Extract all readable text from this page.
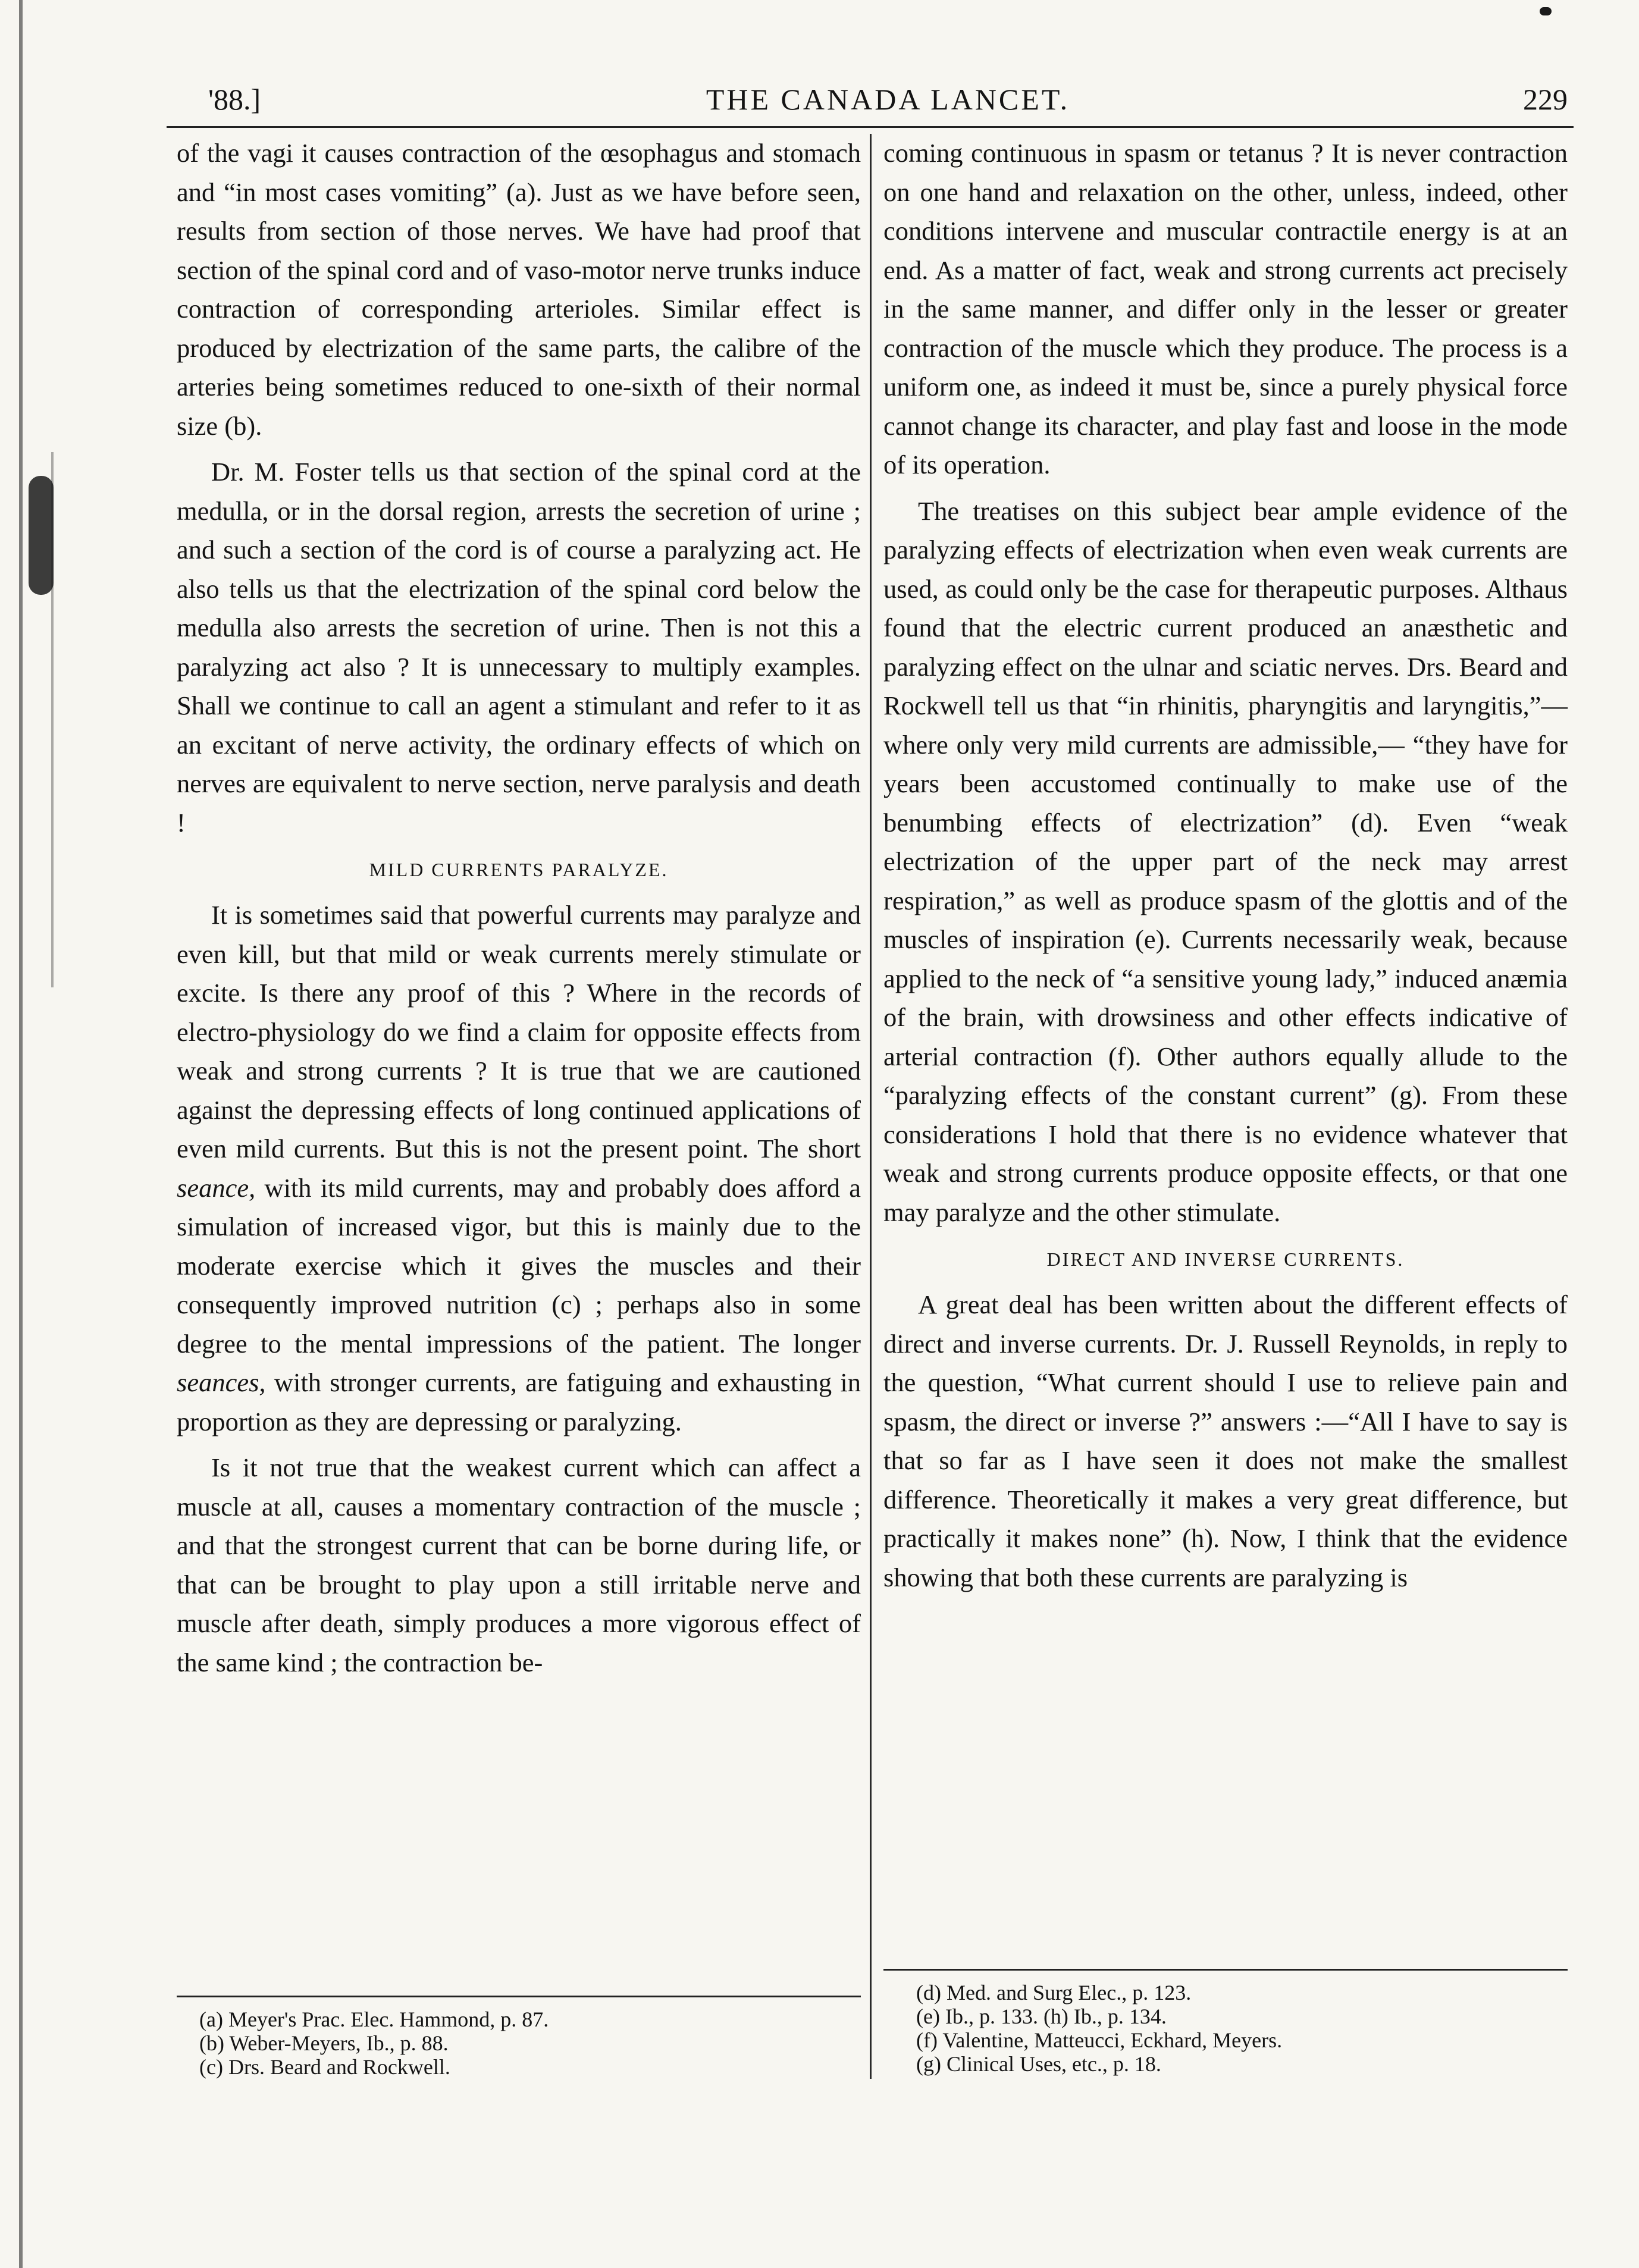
'88.]	THE CANADA LANCET.	229

of the vagi it causes contraction of the œsophagus and stomach and “in most cases vomiting” (a). Just as we have before seen, results from section of those nerves. We have had proof that section of the spinal cord and of vaso-motor nerve trunks induce contraction of corresponding arterioles. Similar effect is produced by electrization of the same parts, the calibre of the arteries being sometimes reduced to one-sixth of their normal size (b).

Dr. M. Foster tells us that section of the spinal cord at the medulla, or in the dorsal region, arrests the secretion of urine ; and such a section of the cord is of course a paralyzing act. He also tells us that the electrization of the spinal cord below the medulla also arrests the secretion of urine. Then is not this a paralyzing act also ? It is unnecessary to multiply examples. Shall we continue to call an agent a stimulant and refer to it as an excitant of nerve activity, the ordinary effects of which on nerves are equivalent to nerve section, nerve paralysis and death !

MILD CURRENTS PARALYZE.

It is sometimes said that powerful currents may paralyze and even kill, but that mild or weak currents merely stimulate or excite. Is there any proof of this ? Where in the records of electro-physiology do we find a claim for opposite effects from weak and strong currents ? It is true that we are cautioned against the depressing effects of long continued applications of even mild currents. But this is not the present point. The short seance, with its mild currents, may and probably does afford a simulation of increased vigor, but this is mainly due to the moderate exercise which it gives the muscles and their consequently improved nutrition (c) ; perhaps also in some degree to the mental impressions of the patient. The longer seances, with stronger currents, are fatiguing and exhausting in proportion as they are depressing or paralyzing.

Is it not true that the weakest current which can affect a muscle at all, causes a momentary contraction of the muscle ; and that the strongest current that can be borne during life, or that can be brought to play upon a still irritable nerve and muscle after death, simply produces a more vigorous effect of the same kind ; the contraction be-

coming continuous in spasm or tetanus ? It is never contraction on one hand and relaxation on the other, unless, indeed, other conditions intervene and muscular contractile energy is at an end. As a matter of fact, weak and strong currents act precisely in the same manner, and differ only in the lesser or greater contraction of the muscle which they produce. The process is a uniform one, as indeed it must be, since a purely physical force cannot change its character, and play fast and loose in the mode of its operation.

The treatises on this subject bear ample evidence of the paralyzing effects of electrization when even weak currents are used, as could only be the case for therapeutic purposes. Althaus found that the electric current produced an anæsthetic and paralyzing effect on the ulnar and sciatic nerves. Drs. Beard and Rockwell tell us that “in rhinitis, pharyngitis and laryngitis,”— where only very mild currents are admissible,— “they have for years been accustomed continually to make use of the benumbing effects of electrization” (d). Even “weak electrization of the upper part of the neck may arrest respiration,” as well as produce spasm of the glottis and of the muscles of inspiration (e). Currents necessarily weak, because applied to the neck of “a sensitive young lady,” induced anæmia of the brain, with drowsiness and other effects indicative of arterial contraction (f). Other authors equally allude to the “paralyzing effects of the constant current” (g). From these considerations I hold that there is no evidence whatever that weak and strong currents produce opposite effects, or that one may paralyze and the other stimulate.

DIRECT AND INVERSE CURRENTS.

A great deal has been written about the different effects of direct and inverse currents. Dr. J. Russell Reynolds, in reply to the question, “What current should I use to relieve pain and spasm, the direct or inverse ?” answers :—“All I have to say is that so far as I have seen it does not make the smallest difference. Theoretically it makes a very great difference, but practically it makes none” (h). Now, I think that the evidence showing that both these currents are paralyzing is

(a) Meyer's Prac. Elec. Hammond, p. 87.
(b) Weber-Meyers, Ib., p. 88.
(c) Drs. Beard and Rockwell.
(d) Med. and Surg Elec., p. 123.
(e) Ib., p. 133. (h) Ib., p. 134.
(f) Valentine, Matteucci, Eckhard, Meyers.
(g) Clinical Uses, etc., p. 18.
